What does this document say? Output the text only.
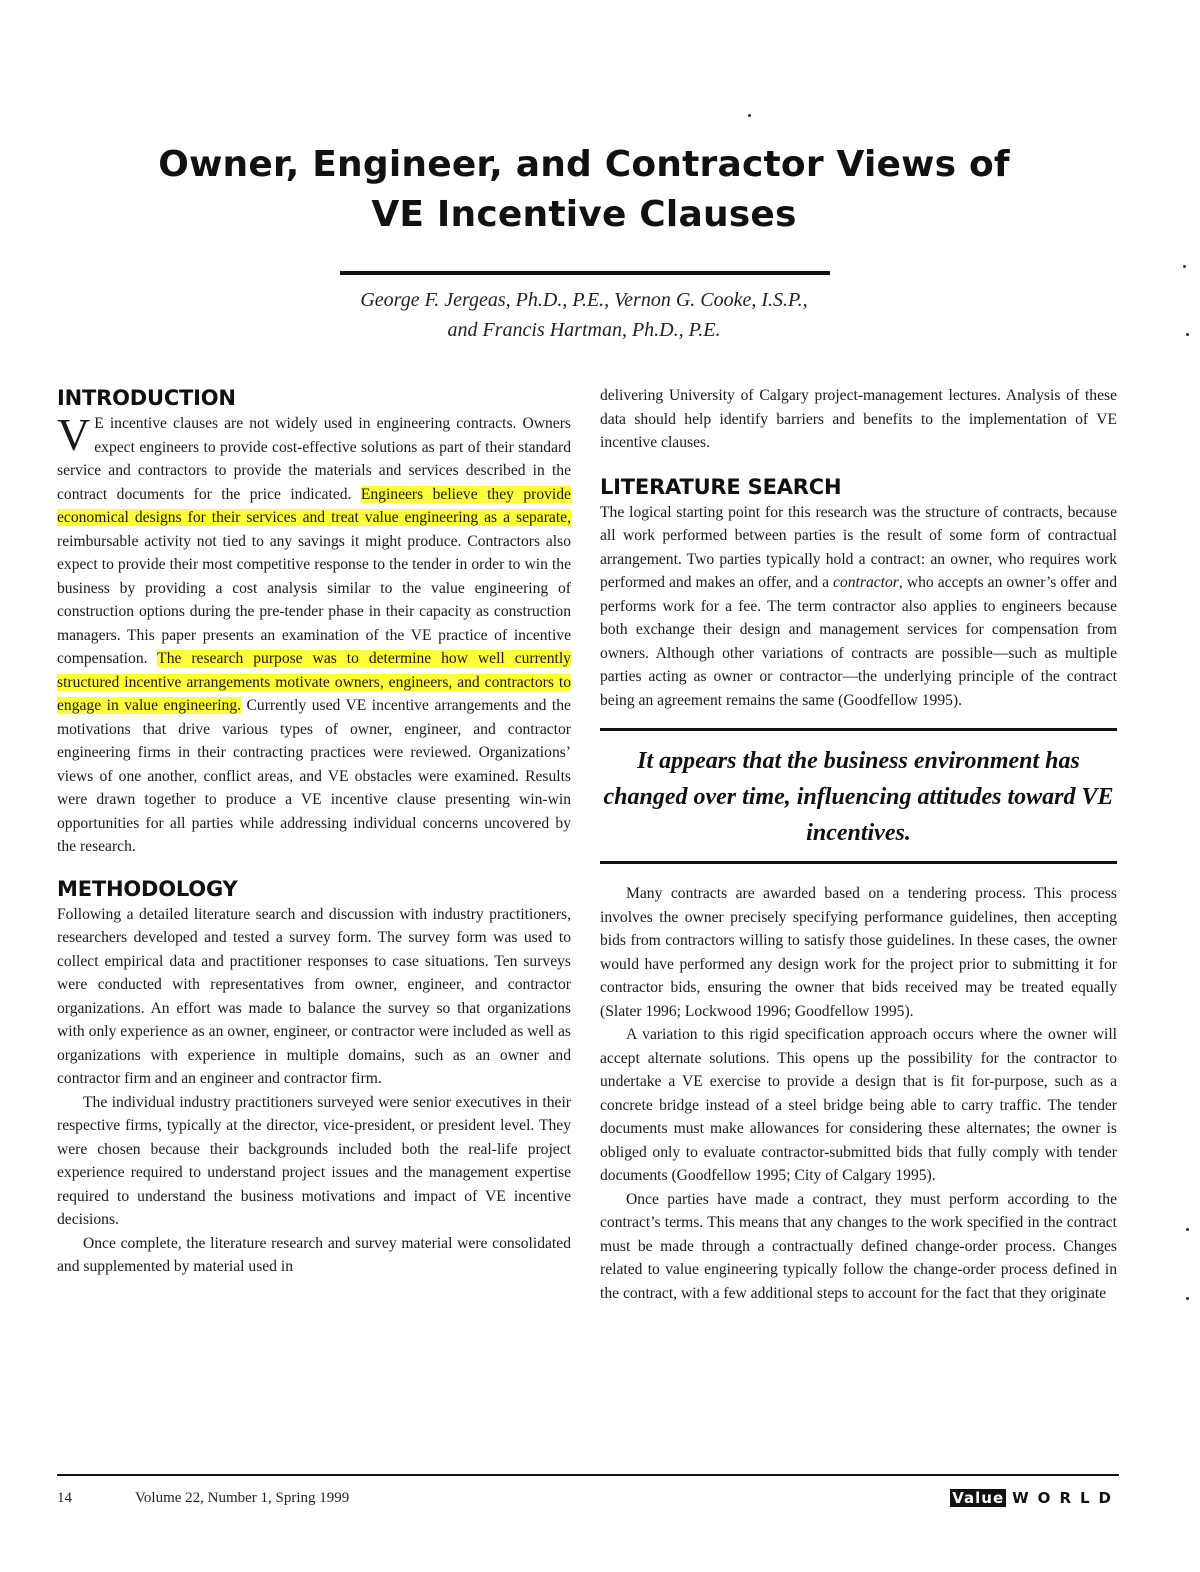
Owner, Engineer, and Contractor Views of
VE Incentive Clauses
George F. Jergeas, Ph.D., P.E., Vernon G. Cooke, I.S.P.,
and Francis Hartman, Ph.D., P.E.
INTRODUCTION

V E incentive clauses are not widely used in engineering contracts. Owners expect engineers to provide cost-effective solutions as part of their standard service and contractors to provide the materials and services described in the contract documents for the price indicated. Engineers believe they provide economical designs for their services and treat value engineering as a separate, reimbursable activity not tied to any savings it might produce. Contractors also expect to provide their most competitive response to the tender in order to win the business by providing a cost analysis similar to the value engineering of construction options during the pre-tender phase in their capacity as construction managers. This paper presents an examination of the VE practice of incentive compensation. The research purpose was to determine how well currently structured incentive arrangements motivate owners, engineers, and contractors to engage in value engineering. Currently used VE incentive arrangements and the motivations that drive various types of owner, engineer, and contractor engineering firms in their contracting practices were reviewed. Organizations’ views of one another, conflict areas, and VE obstacles were examined. Results were drawn together to produce a VE incentive clause presenting win-win opportunities for all parties while addressing individual concerns uncovered by the research.

METHODOLOGY

Following a detailed literature search and discussion with industry practitioners, researchers developed and tested a survey form. The survey form was used to collect empirical data and practitioner responses to case situations. Ten surveys were conducted with representatives from owner, engineer, and contractor organizations. An effort was made to balance the survey so that organizations with only experience as an owner, engineer, or contractor were included as well as organizations with experience in multiple domains, such as an owner and contractor firm and an engineer and contractor firm.

The individual industry practitioners surveyed were senior executives in their respective firms, typically at the director, vice-president, or president level. They were chosen because their backgrounds included both the real-life project experience required to understand project issues and the management expertise required to understand the business motivations and impact of VE incentive decisions.

Once complete, the literature research and survey material were consolidated and supplemented by material used in

delivering University of Calgary project-management lectures. Analysis of these data should help identify barriers and benefits to the implementation of VE incentive clauses.

LITERATURE SEARCH

The logical starting point for this research was the structure of contracts, because all work performed between parties is the result of some form of contractual arrangement. Two parties typically hold a contract: an owner, who requires work performed and makes an offer, and a contractor, who accepts an owner’s offer and performs work for a fee. The term contractor also applies to engineers because both exchange their design and management services for compensation from owners. Although other variations of contracts are possible—such as multiple parties acting as owner or contractor—the underlying principle of the contract being an agreement remains the same (Goodfellow 1995).

It appears that the business environment has changed over time, influencing attitudes toward VE incentives.

Many contracts are awarded based on a tendering process. This process involves the owner precisely specifying performance guidelines, then accepting bids from contractors willing to satisfy those guidelines. In these cases, the owner would have performed any design work for the project prior to submitting it for contractor bids, ensuring the owner that bids received may be treated equally (Slater 1996; Lockwood 1996; Goodfellow 1995).

A variation to this rigid specification approach occurs where the owner will accept alternate solutions. This opens up the possibility for the contractor to undertake a VE exercise to provide a design that is fit for-purpose, such as a concrete bridge instead of a steel bridge being able to carry traffic. The tender documents must make allowances for considering these alternates; the owner is obliged only to evaluate contractor-submitted bids that fully comply with tender documents (Goodfellow 1995; City of Calgary 1995).

Once parties have made a contract, they must perform according to the contract’s terms. This means that any changes to the work specified in the contract must be made through a contractually defined change-order process. Changes related to value engineering typically follow the change-order process defined in the contract, with a few additional steps to account for the fact that they originate

14	Volume 22, Number 1, Spring 1999	Value WORLD
